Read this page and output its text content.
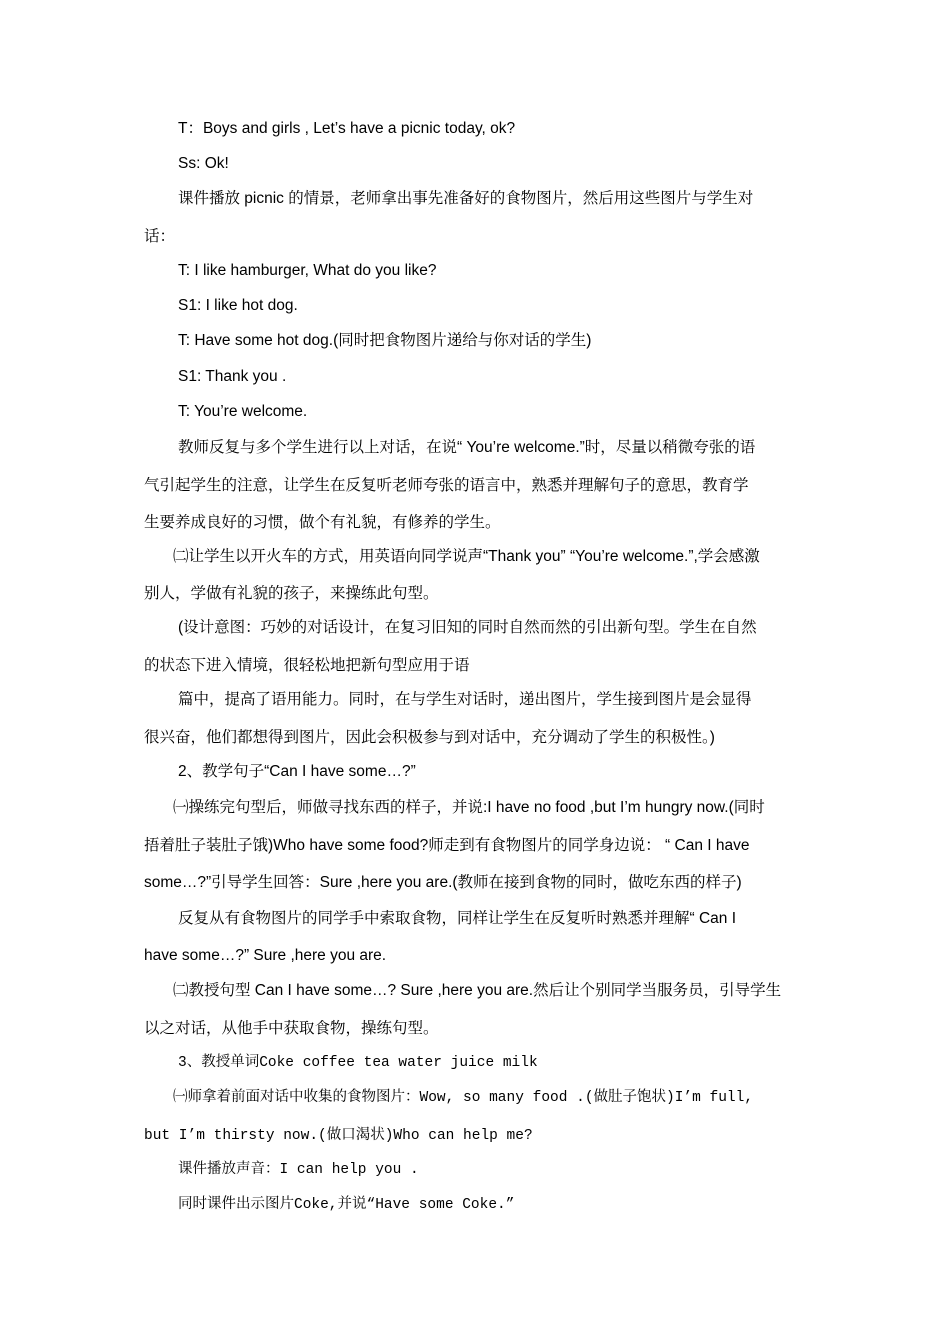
T：Boys and girls , Let’s have a picnic today, ok?
Ss: Ok!
课件播放 picnic 的情景，老师拿出事先准备好的食物图片，然后用这些图片与学生对
话：
T: I like hamburger, What do you like?
S1: I like hot dog.
T: Have some hot dog.(同时把食物图片递给与你对话的学生)
S1: Thank you .
T: You’re welcome.
教师反复与多个学生进行以上对话，在说“ You’re welcome.”时，尽量以稍微夸张的语
气引起学生的注意，让学生在反复听老师夸张的语言中，熟悉并理解句子的意思，教育学
生要养成良好的习惯，做个有礼貌，有修养的学生。
㈡让学生以开火车的方式，用英语向同学说声“Thank you” “You’re welcome.”,学会感激
别人，学做有礼貌的孩子，来操练此句型。
(设计意图：巧妙的对话设计，在复习旧知的同时自然而然的引出新句型。学生在自然
的状态下进入情境，很轻松地把新句型应用于语
篇中，提高了语用能力。同时，在与学生对话时，递出图片，学生接到图片是会显得
很兴奋，他们都想得到图片，因此会积极参与到对话中，充分调动了学生的积极性。)
2、教学句子“Can I have some…?”
㈠操练完句型后，师做寻找东西的样子，并说:I have no food ,but I’m hungry now.(同时
捂着肚子装肚子饿)Who have some food?师走到有食物图片的同学身边说： “ Can I have
some…?”引导学生回答：Sure ,here you are.(教师在接到食物的同时，做吃东西的样子)
反复从有食物图片的同学手中索取食物，同样让学生在反复听时熟悉并理解“ Can I
have some…?” Sure ,here you are.
㈡教授句型 Can I have some…? Sure ,here you are.然后让个别同学当服务员，引导学生
以之对话，从他手中获取食物，操练句型。
3、教授单词Coke coffee tea water juice milk
㈠师拿着前面对话中收集的食物图片：Wow, so many food .(做肚子饱状)I’m full,
but I’m thirsty now.(做口渴状)Who can help me?
课件播放声音：I can help you .
同时课件出示图片Coke,并说“Have some Coke.”
